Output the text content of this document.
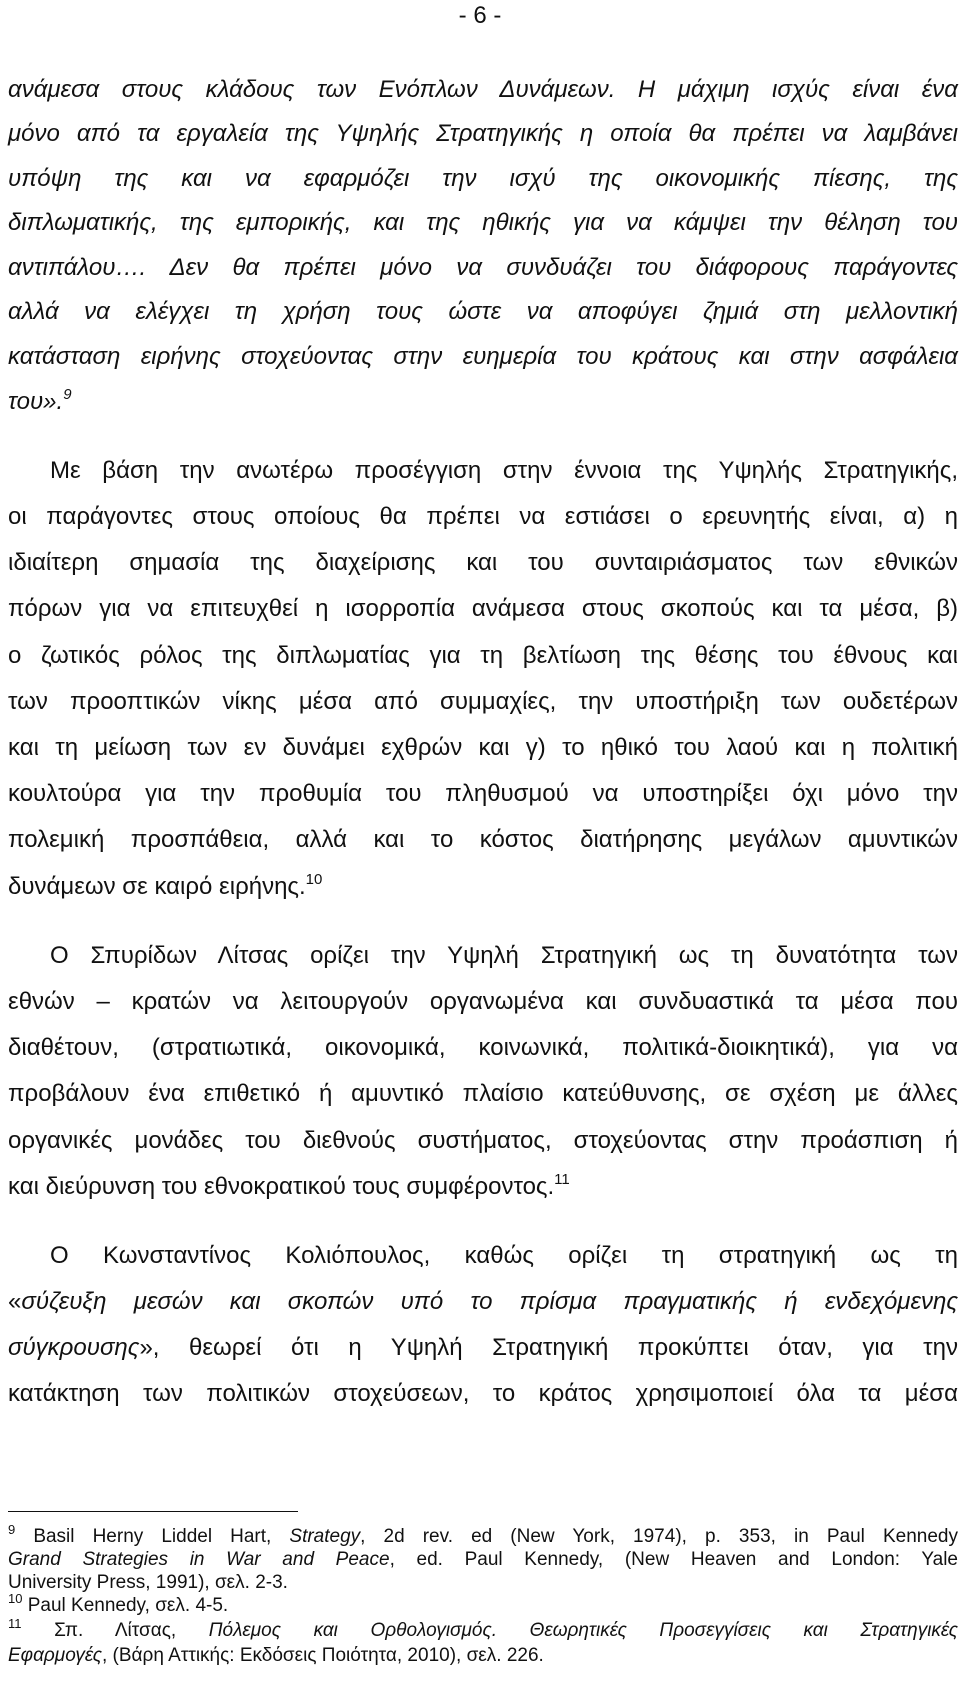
- 6 -
ανάμεσα στους κλάδους των Ενόπλων Δυνάμεων. Η μάχιμη ισχύς είναι ένα
μόνο από τα εργαλεία της Υψηλής Στρατηγικής η οποία θα πρέπει να λαμβάνει
υπόψη της και να εφαρμόζει την ισχύ της οικονομικής πίεσης, της
διπλωματικής, της εμπορικής, και της ηθικής για να κάμψει την θέληση του
αντιπάλου…. Δεν θα πρέπει μόνο να συνδυάζει του διάφορους παράγοντες
αλλά να ελέγχει τη χρήση τους ώστε να αποφύγει ζημιά στη μελλοντική
κατάσταση ειρήνης στοχεύοντας στην ευημερία του κράτους και στην ασφάλεια
του».$^9$
Με βάση την ανωτέρω προσέγγιση στην έννοια της Υψηλής Στρατηγικής,
οι παράγοντες στους οποίους θα πρέπει να εστιάσει ο ερευνητής είναι, α) η
ιδιαίτερη σημασία της διαχείρισης και του συνταιριάσματος των εθνικών
πόρων για να επιτευχθεί η ισορροπία ανάμεσα στους σκοπούς και τα μέσα, β)
ο ζωτικός ρόλος της διπλωματίας για τη βελτίωση της θέσης του έθνους και
των προοπτικών νίκης μέσα από συμμαχίες, την υποστήριξη των ουδετέρων
και τη μείωση των εν δυνάμει εχθρών και γ) το ηθικό του λαού και η πολιτική
κουλτούρα για την προθυμία του πληθυσμού να υποστηρίξει όχι μόνο την
πολεμική προσπάθεια, αλλά και το κόστος διατήρησης μεγάλων αμυντικών
δυνάμεων σε καιρό ειρήνης.$^{10}$
Ο Σπυρίδων Λίτσας ορίζει την Υψηλή Στρατηγική ως τη δυνατότητα των
εθνών – κρατών να λειτουργούν οργανωμένα και συνδυαστικά τα μέσα που
διαθέτουν, (στρατιωτικά, οικονομικά, κοινωνικά, πολιτικά-διοικητικά), για να
προβάλουν ένα επιθετικό ή αμυντικό πλαίσιο κατεύθυνσης, σε σχέση με άλλες
οργανικές μονάδες του διεθνούς συστήματος, στοχεύοντας στην προάσπιση ή
και διεύρυνση του εθνοκρατικού τους συμφέροντος.$^{11}$
Ο Κωνσταντίνος Κολιόπουλος, καθώς ορίζει τη στρατηγική ως τη
«σύζευξη μεσών και σκοπών υπό το πρίσμα πραγματικής ή ενδεχόμενης
σύγκρουσης», θεωρεί ότι η Υψηλή Στρατηγική προκύπτει όταν, για την
κατάκτηση των πολιτικών στοχεύσεων, το κράτος χρησιμοποιεί όλα τα μέσα
$^9$ Basil Herny Liddel Hart, Strategy, 2d rev. ed (New York, 1974), p. 353, in Paul Kennedy
Grand Strategies in War and Peace, ed. Paul Kennedy, (New Heaven and London: Yale
University Press, 1991), σελ. 2-3.
$^{10}$ Paul Kennedy, σελ. 4-5.
$^{11}$ Σπ. Λίτσας, Πόλεμος και Ορθολογισμός. Θεωρητικές Προσεγγίσεις και Στρατηγικές
Εφαρμογές, (Βάρη Αττικής: Εκδόσεις Ποιότητα, 2010), σελ. 226.
